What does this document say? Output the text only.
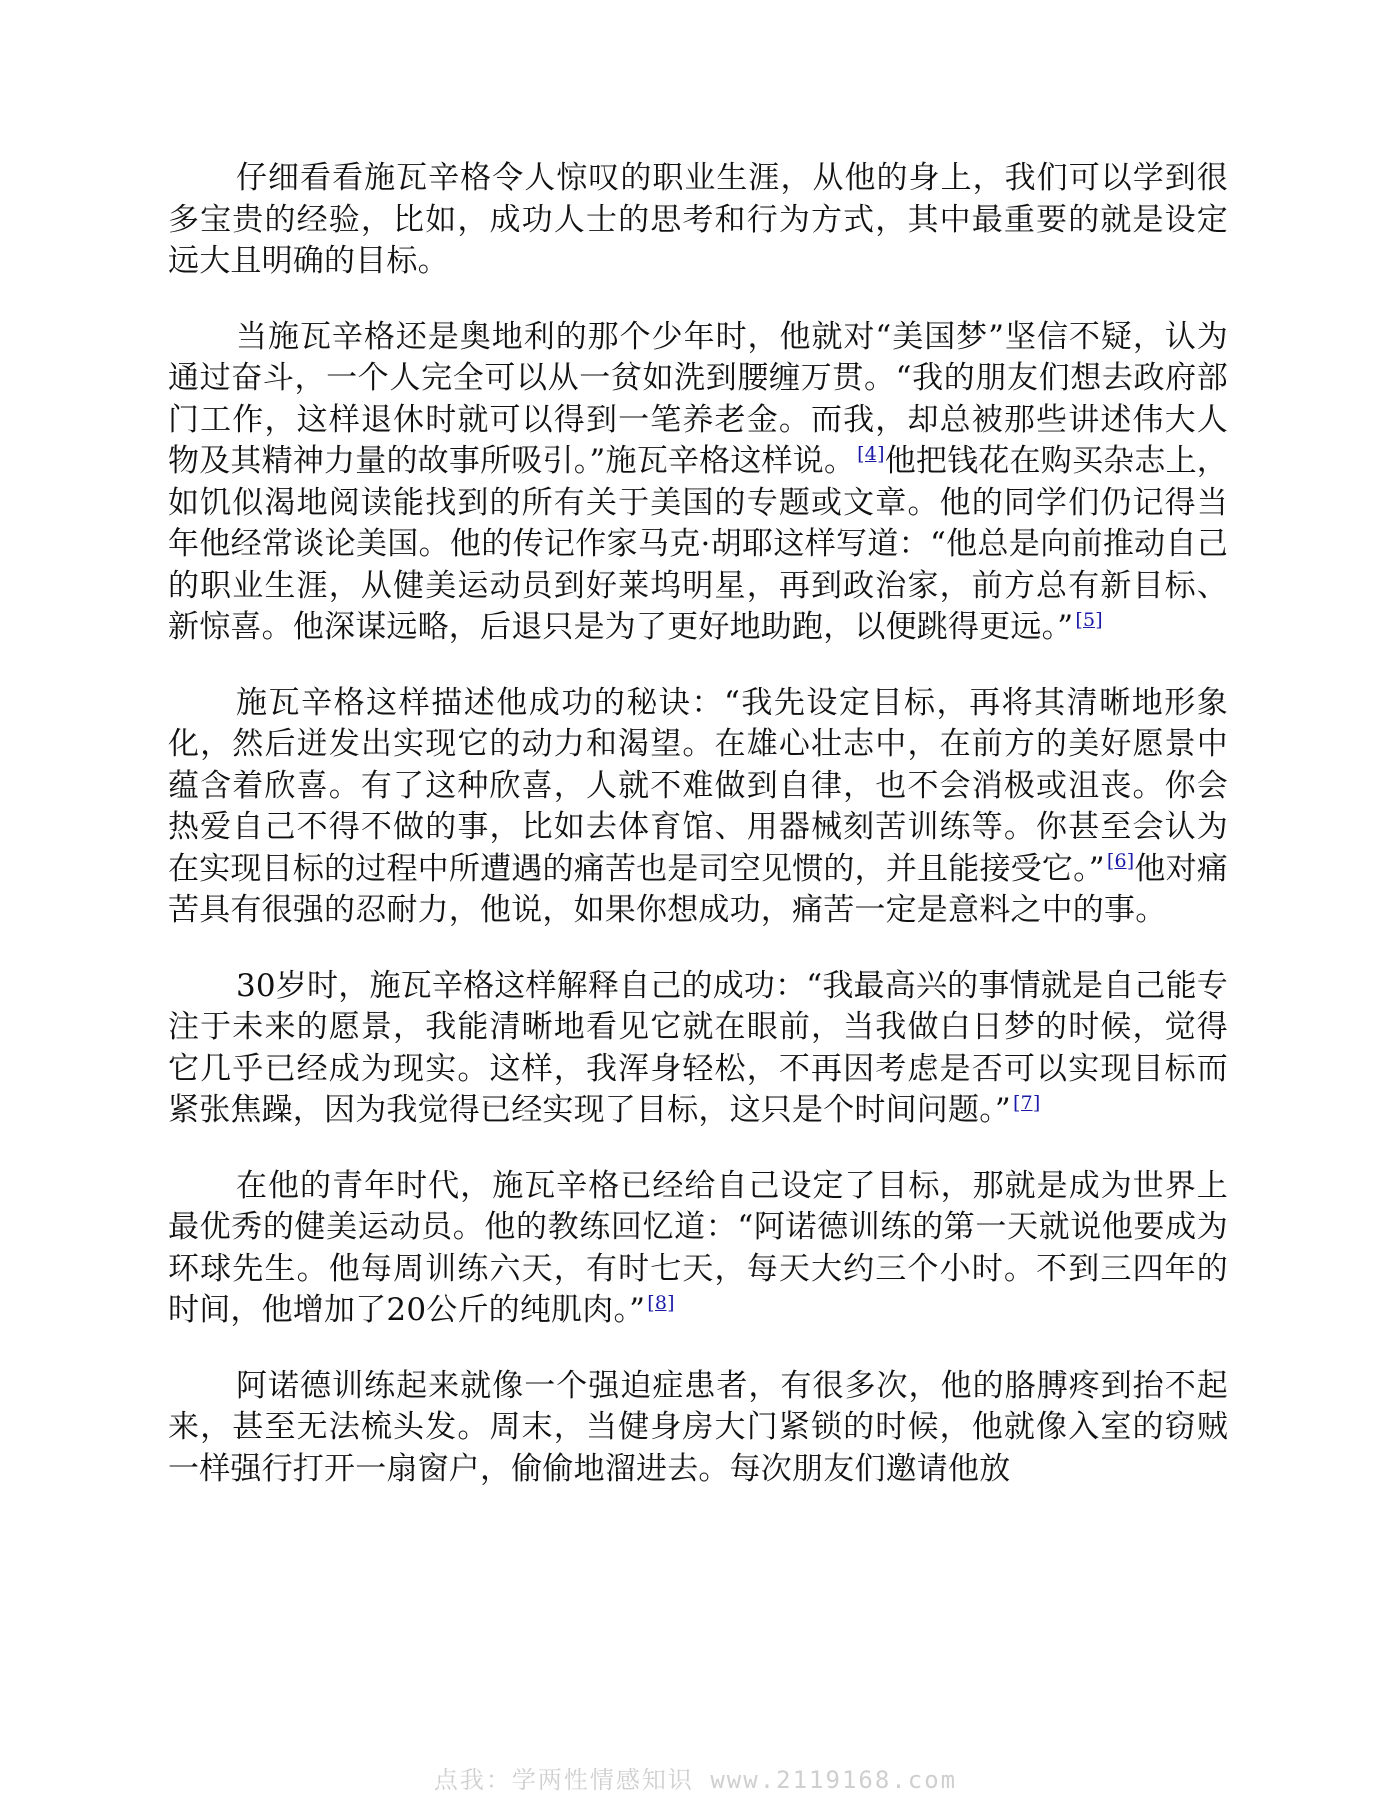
仔细看看施瓦辛格令人惊叹的职业生涯，从他的身上，我们可以学到很多宝贵的经验，比如，成功人士的思考和行为方式，其中最重要的就是设定远大且明确的目标。

当施瓦辛格还是奥地利的那个少年时，他就对“美国梦”坚信不疑，认为通过奋斗，一个人完全可以从一贫如洗到腰缠万贯。“我的朋友们想去政府部门工作，这样退休时就可以得到一笔养老金。而我，却总被那些讲述伟大人物及其精神力量的故事所吸引。”施瓦辛格这样说。 [4]他把钱花在购买杂志上，如饥似渴地阅读能找到的所有关于美国的专题或文章。他的同学们仍记得当年他经常谈论美国。他的传记作家马克·胡耶这样写道：“他总是向前推动自己的职业生涯，从健美运动员到好莱坞明星，再到政治家，前方总有新目标、新惊喜。他深谋远略，后退只是为了更好地助跑，以便跳得更远。” [5]

施瓦辛格这样描述他成功的秘诀：“我先设定目标，再将其清晰地形象化，然后迸发出实现它的动力和渴望。在雄心壮志中，在前方的美好愿景中蕴含着欣喜。有了这种欣喜，人就不难做到自律，也不会消极或沮丧。你会热爱自己不得不做的事，比如去体育馆、用器械刻苦训练等。你甚至会认为在实现目标的过程中所遭遇的痛苦也是司空见惯的，并且能接受它。” [6]他对痛苦具有很强的忍耐力，他说，如果你想成功，痛苦一定是意料之中的事。

30岁时，施瓦辛格这样解释自己的成功：“我最高兴的事情就是自己能专注于未来的愿景，我能清晰地看见它就在眼前，当我做白日梦的时候，觉得它几乎已经成为现实。这样，我浑身轻松，不再因考虑是否可以实现目标而紧张焦躁，因为我觉得已经实现了目标，这只是个时间问题。” [7]

在他的青年时代，施瓦辛格已经给自己设定了目标，那就是成为世界上最优秀的健美运动员。他的教练回忆道：“阿诺德训练的第一天就说他要成为环球先生。他每周训练六天，有时七天，每天大约三个小时。不到三四年的时间，他增加了20公斤的纯肌肉。” [8]

阿诺德训练起来就像一个强迫症患者，有很多次，他的胳膊疼到抬不起来，甚至无法梳头发。周末，当健身房大门紧锁的时候，他就像入室的窃贼一样强行打开一扇窗户，偷偷地溜进去。每次朋友们邀请他放

点我：学两性情感知识 www.2119168.com
